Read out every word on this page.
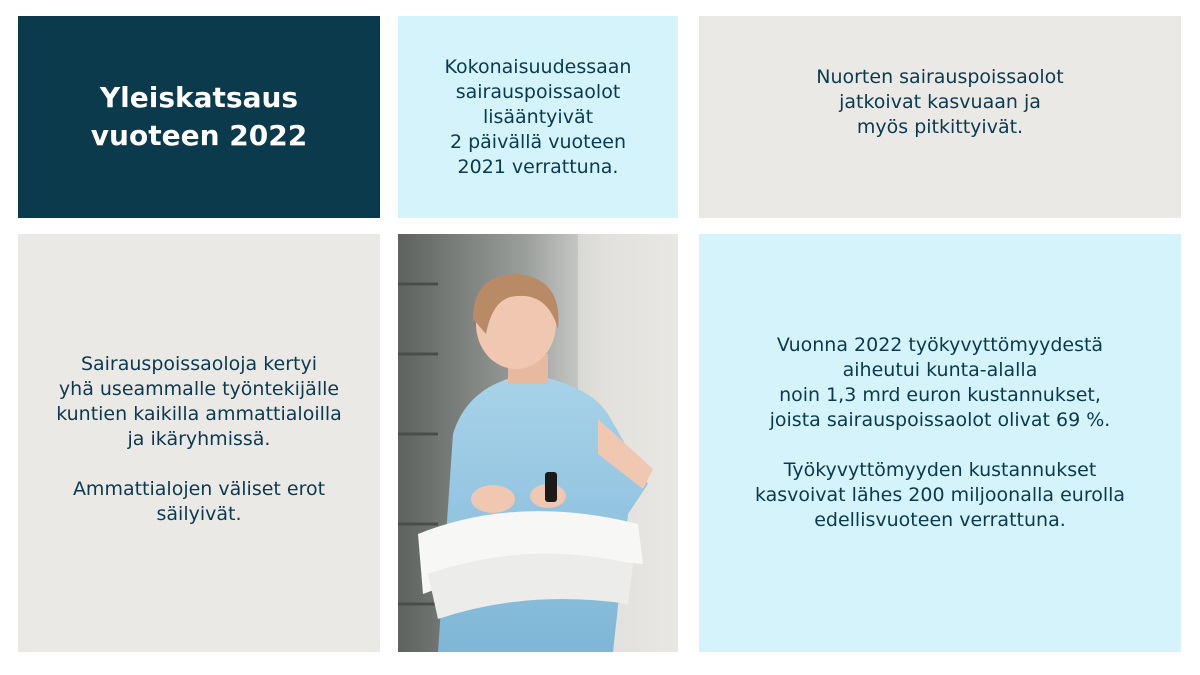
Yleiskatsaus
vuoteen 2022
Kokonaisuudessaan
sairauspoissaolot
lisääntyivät
2 päivällä vuoteen
2021 verrattuna.
Nuorten sairauspoissaolot
jatkoivat kasvuaan ja
myös pitkittyivät.
Sairauspoissaoloja kertyi
yhä useammalle työntekijälle
kuntien kaikilla ammattialoilla
ja ikäryhmissä.
Ammattialojen väliset erot
säilyivät.
Vuonna 2022 työkyvyttömyydestä
aiheutui kunta-alalla
noin 1,3 mrd euron kustannukset,
joista sairauspoissaolot olivat 69 %.
Työkyvyttömyyden kustannukset
kasvoivat lähes 200 miljoonalla eurolla
edellisvuoteen verrattuna.
